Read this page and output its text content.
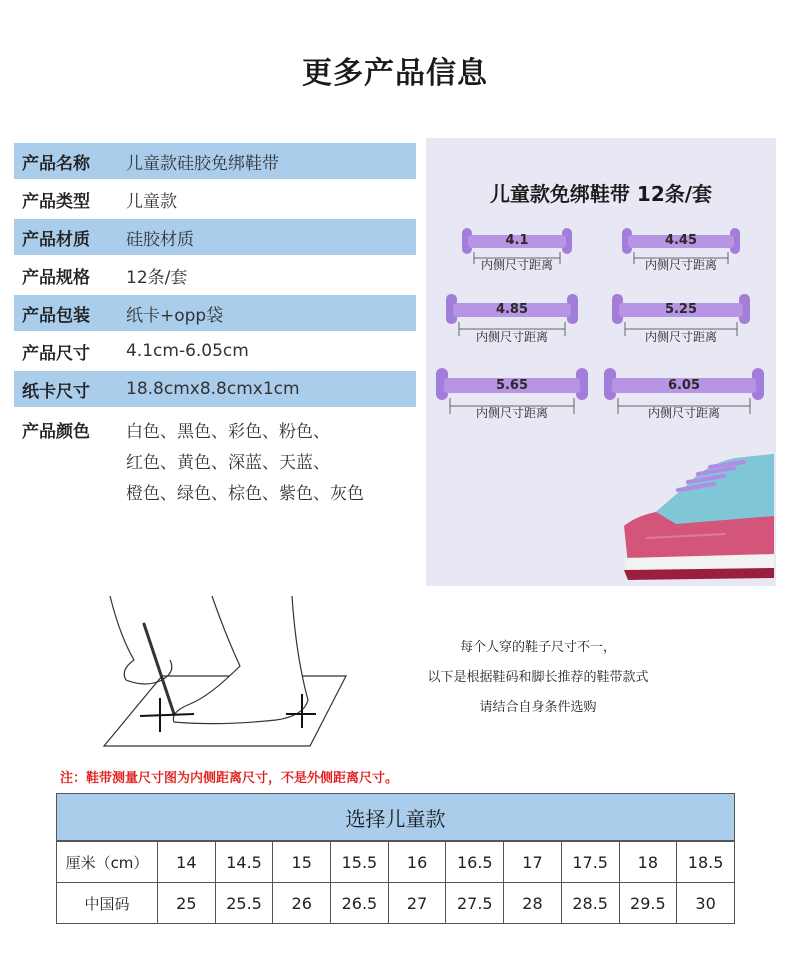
更多产品信息
产品名称	儿童款硅胶免绑鞋带
产品类型	儿童款
产品材质	硅胶材质
产品规格	12条/套
产品包装	纸卡+opp袋
产品尺寸	4.1cm-6.05cm
纸卡尺寸	18.8cmx8.8cmx1cm
产品颜色	白色、黑色、彩色、粉色、
红色、黄色、深蓝、天蓝、
橙色、绿色、棕色、紫色、灰色
儿童款免绑鞋带 12条/套
4.1
内侧尺寸距离
4.45
内侧尺寸距离
4.85
内侧尺寸距离
5.25
内侧尺寸距离
5.65
内侧尺寸距离
6.05
内侧尺寸距离
每个人穿的鞋子尺寸不一，
以下是根据鞋码和脚长推荐的鞋带款式
请结合自身条件选购
注：鞋带测量尺寸图为内侧距离尺寸，不是外侧距离尺寸。
选择儿童款
厘米（cm）	14	14.5	15	15.5	16	16.5	17	17.5	18	18.5
中国码	25	25.5	26	26.5	27	27.5	28	28.5	29.5	30
